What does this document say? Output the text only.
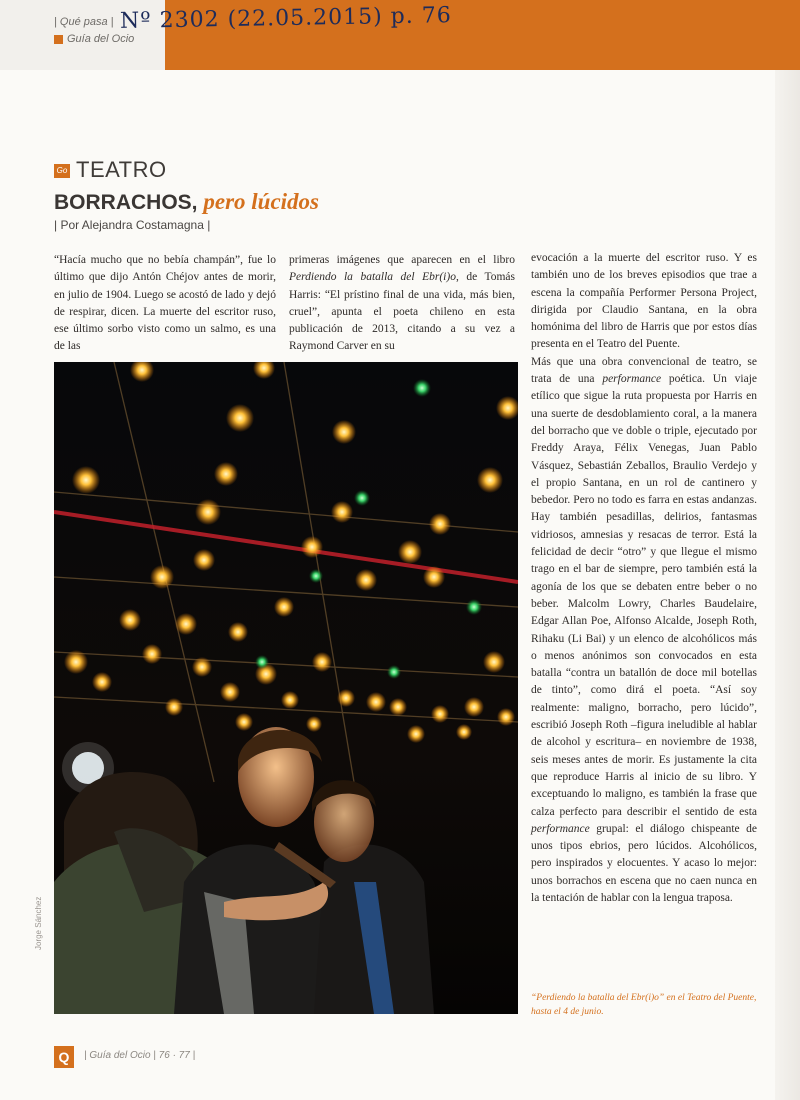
| Qué pasa |
Guía del Ocio
Nº 2302 (22.05.2015) p. 76
Go TEATRO
BORRACHOS, pero lúcidos
| Por Alejandra Costamagna |
“Hacía mucho que no bebía champán”, fue lo último que dijo Antón Chéjov antes de morir, en julio de 1904. Luego se acostó de lado y dejó de respirar, dicen. La muerte del escritor ruso, ese último sorbo visto como un salmo, es una de las
primeras imágenes que aparecen en el libro Perdiendo la batalla del Ebr(i)o, de Tomás Harris: “El prístino final de una vida, más bien, cruel”, apunta el poeta chileno en esta publicación de 2013, citando a su vez a Raymond Carver en su

evocación a la muerte del escritor ruso. Y es también uno de los breves episodios que trae a escena la compañía Performer Persona Project, dirigida por Claudio Santana, en la obra homónima del libro de Harris que por estos días presenta en el Teatro del Puente.

Más que una obra convencional de teatro, se trata de una performance poética. Un viaje etílico que sigue la ruta propuesta por Harris en una suerte de desdoblamiento coral, a la manera del borracho que ve doble o triple, ejecutado por Freddy Araya, Félix Venegas, Juan Pablo Vásquez, Sebastián Zeballos, Braulio Verdejo y el propio Santana, en un rol de cantinero y bebedor. Pero no todo es farra en estas andanzas. Hay también pesadillas, delirios, fantasmas vidriosos, amnesias y resacas de terror. Está la felicidad de decir “otro” y que llegue el mismo trago en el bar de siempre, pero también está la agonía de los que se debaten entre beber o no beber. Malcolm Lowry, Charles Baudelaire, Edgar Allan Poe, Alfonso Alcalde, Joseph Roth, Rihaku (Li Bai) y un elenco de alcohólicos más o menos anónimos son convocados en esta batalla “contra un batallón de doce mil botellas de tinto”, como dirá el poeta. “Así soy realmente: maligno, borracho, pero lúcido”, escribió Joseph Roth –figura ineludible al hablar de alcohol y escritura– en noviembre de 1938, seis meses antes de morir. Es justamente la cita que reproduce Harris al inicio de su libro. Y exceptuando lo maligno, es también la frase que calza perfecto para describir el sentido de esta performance grupal: el diálogo chispeante de unos tipos ebrios, pero lúcidos. Alcohólicos, pero inspirados y elocuentes. Y acaso lo mejor: unos borrachos en escena que no caen nunca en la tentación de hablar con la lengua traposa.

Jorge Sánchez
“Perdiendo la batalla del Ebr(i)o” en el Teatro del Puente, hasta el 4 de junio.
Q	| Guía del Ocio | 76 · 77 |
